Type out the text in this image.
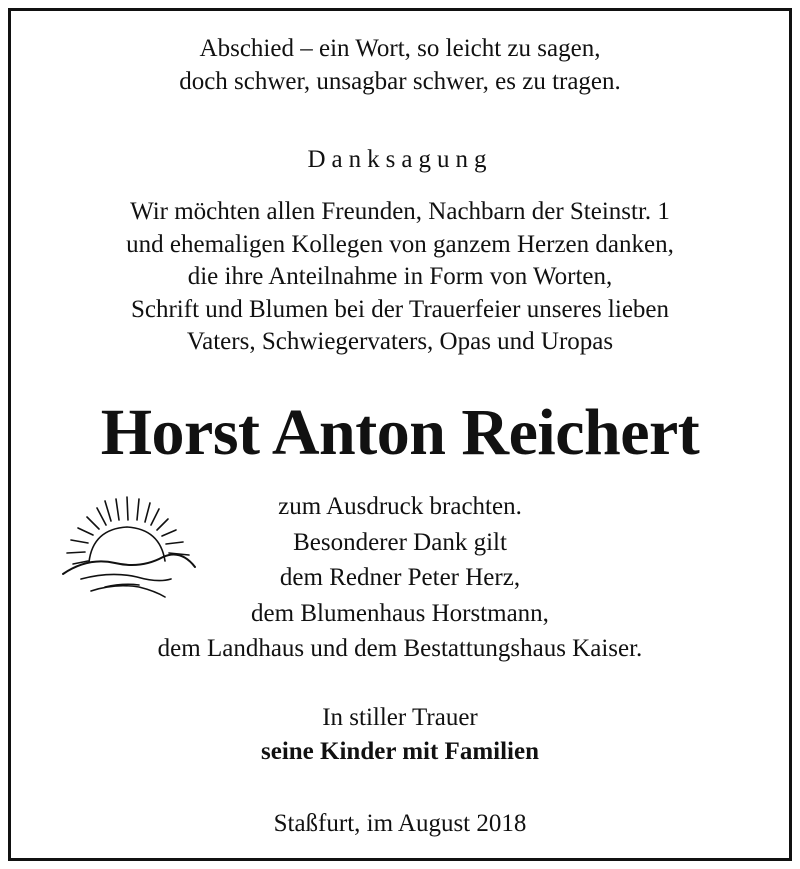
Abschied – ein Wort, so leicht zu sagen,
doch schwer, unsagbar schwer, es zu tragen.
Danksagung
Wir möchten allen Freunden, Nachbarn der Steinstr. 1
und ehemaligen Kollegen von ganzem Herzen danken,
die ihre Anteilnahme in Form von Worten,
Schrift und Blumen bei der Trauerfeier unseres lieben
Vaters, Schwiegervaters, Opas und Uropas
Horst Anton Reichert
zum Ausdruck brachten.
Besonderer Dank gilt
dem Redner Peter Herz,
dem Blumenhaus Horstmann,
dem Landhaus und dem Bestattungshaus Kaiser.
In stiller Trauer
seine Kinder mit Familien
Staßfurt, im August 2018
